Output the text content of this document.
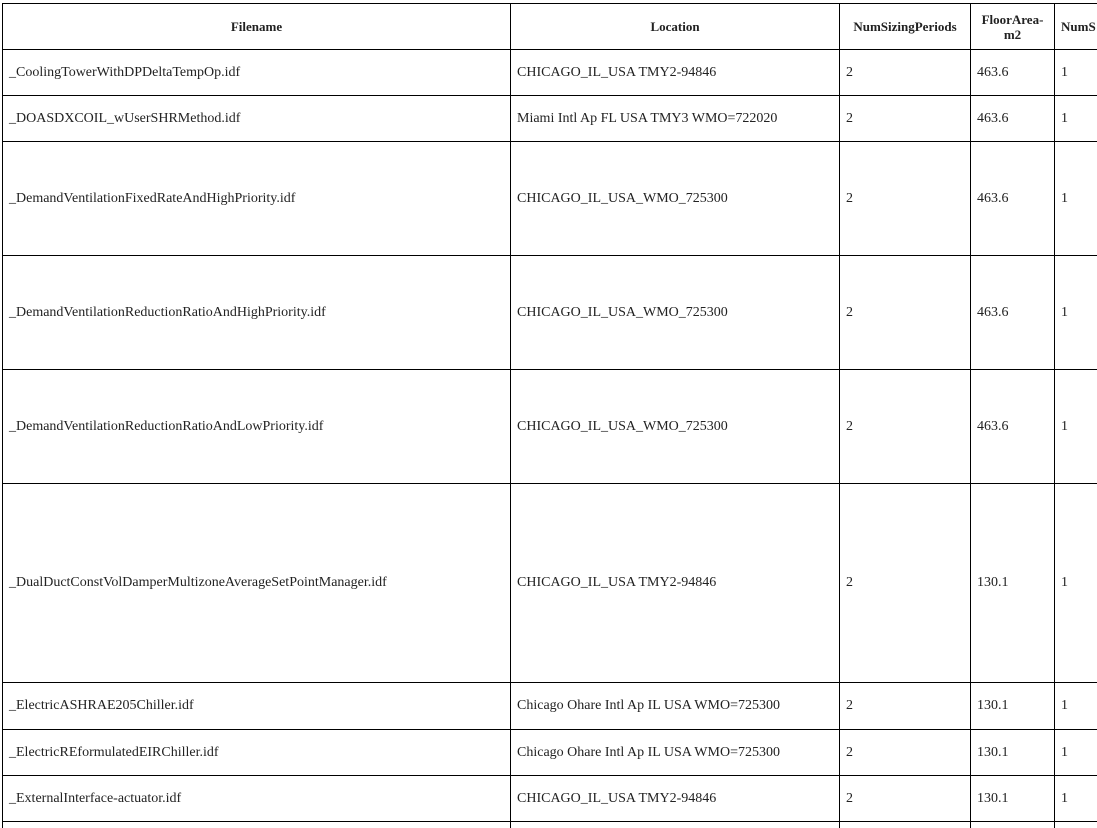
Filename	Location	NumSizingPeriods	FloorArea-m2	NumS
_CoolingTowerWithDPDeltaTempOp.idf	CHICAGO_IL_USA TMY2-94846	2	463.6	1
_DOASDXCOIL_wUserSHRMethod.idf	Miami Intl Ap FL USA TMY3 WMO=722020	2	463.6	1
_DemandVentilationFixedRateAndHighPriority.idf	CHICAGO_IL_USA_WMO_725300	2	463.6	1
_DemandVentilationReductionRatioAndHighPriority.idf	CHICAGO_IL_USA_WMO_725300	2	463.6	1
_DemandVentilationReductionRatioAndLowPriority.idf	CHICAGO_IL_USA_WMO_725300	2	463.6	1
_DualDuctConstVolDamperMultizoneAverageSetPointManager.idf	CHICAGO_IL_USA TMY2-94846	2	130.1	1
_ElectricASHRAE205Chiller.idf	Chicago Ohare Intl Ap IL USA WMO=725300	2	130.1	1
_ElectricREformulatedEIRChiller.idf	Chicago Ohare Intl Ap IL USA WMO=725300	2	130.1	1
_ExternalInterface-actuator.idf	CHICAGO_IL_USA TMY2-94846	2	130.1	1
